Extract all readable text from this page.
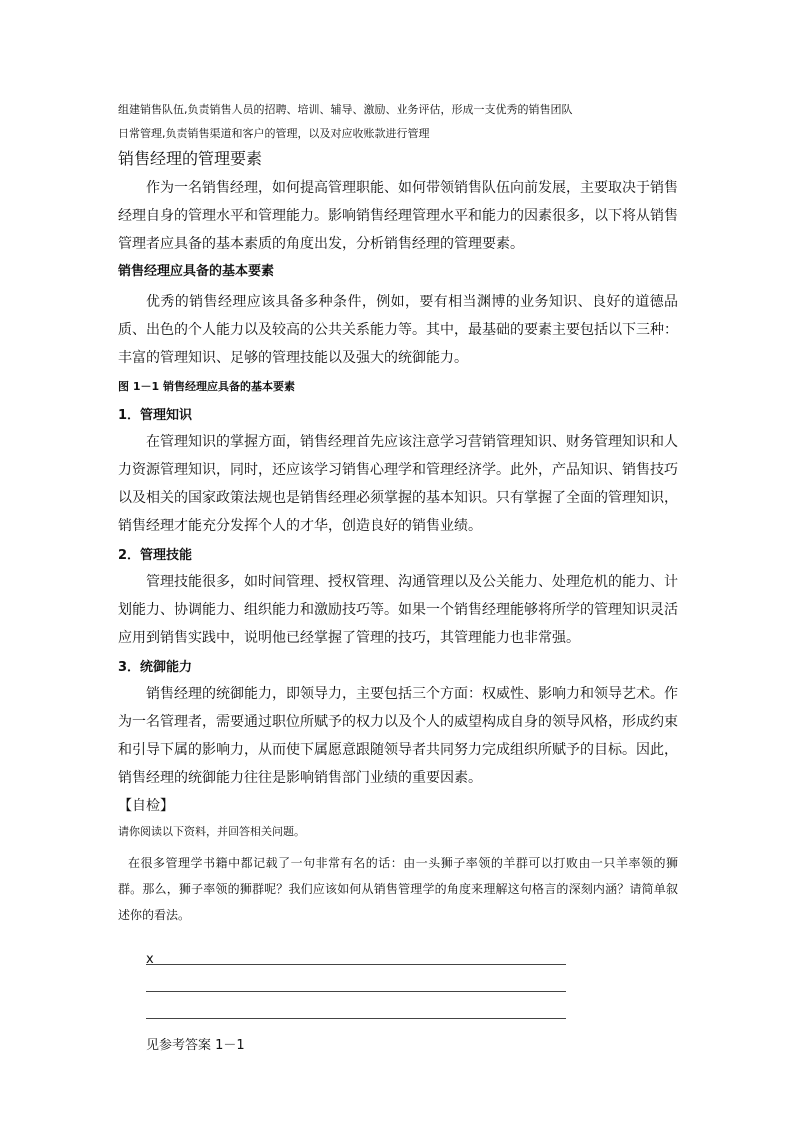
组建销售队伍,负责销售人员的招聘、培训、辅导、激励、业务评估，形成一支优秀的销售团队

日常管理,负责销售渠道和客户的管理，以及对应收账款进行管理

销售经理的管理要素

作为一名销售经理，如何提高管理职能、如何带领销售队伍向前发展，主要取决于销售经理自身的管理水平和管理能力。影响销售经理管理水平和能力的因素很多，以下将从销售管理者应具备的基本素质的角度出发，分析销售经理的管理要素。

销售经理应具备的基本要素

优秀的销售经理应该具备多种条件，例如，要有相当渊博的业务知识、良好的道德品质、出色的个人能力以及较高的公共关系能力等。其中，最基础的要素主要包括以下三种：丰富的管理知识、足够的管理技能以及强大的统御能力。

图 1－1 销售经理应具备的基本要素

1．管理知识

在管理知识的掌握方面，销售经理首先应该注意学习营销管理知识、财务管理知识和人力资源管理知识，同时，还应该学习销售心理学和管理经济学。此外，产品知识、销售技巧以及相关的国家政策法规也是销售经理必须掌握的基本知识。只有掌握了全面的管理知识，销售经理才能充分发挥个人的才华，创造良好的销售业绩。

2．管理技能

管理技能很多，如时间管理、授权管理、沟通管理以及公关能力、处理危机的能力、计划能力、协调能力、组织能力和激励技巧等。如果一个销售经理能够将所学的管理知识灵活应用到销售实践中，说明他已经掌握了管理的技巧，其管理能力也非常强。

3．统御能力

销售经理的统御能力，即领导力，主要包括三个方面：权威性、影响力和领导艺术。作为一名管理者，需要通过职位所赋予的权力以及个人的威望构成自身的领导风格，形成约束和引导下属的影响力，从而使下属愿意跟随领导者共同努力完成组织所赋予的目标。因此，销售经理的统御能力往往是影响销售部门业绩的重要因素。

【自检】

请你阅读以下资料，并回答相关问题。

在很多管理学书籍中都记载了一句非常有名的话：由一头狮子率领的羊群可以打败由一只羊率领的狮群。那么，狮子率领的狮群呢？我们应该如何从销售管理学的角度来理解这句格言的深刻内涵？请简单叙述你的看法。

x

见参考答案 1－1
